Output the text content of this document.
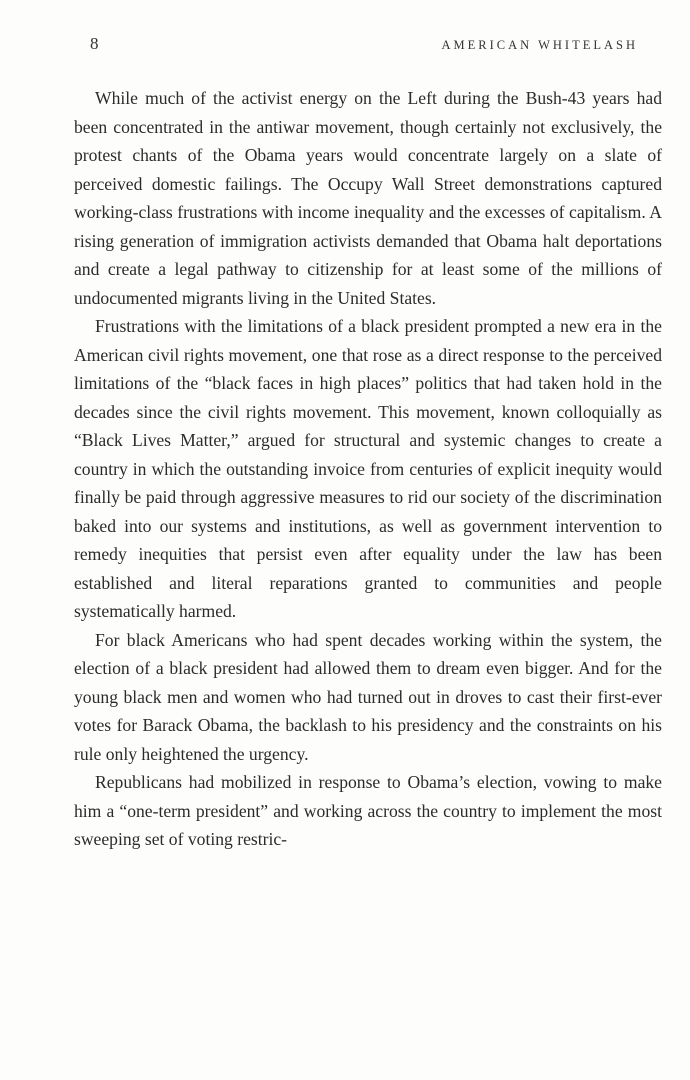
8	AMERICAN WHITELASH

While much of the activist energy on the Left during the Bush-43 years had been concentrated in the antiwar movement, though certainly not exclusively, the protest chants of the Obama years would concentrate largely on a slate of perceived domestic failings. The Occupy Wall Street demonstrations captured working-class frustrations with income inequality and the excesses of capitalism. A rising generation of immigration activists demanded that Obama halt deportations and create a legal pathway to citizenship for at least some of the millions of undocumented migrants living in the United States.

Frustrations with the limitations of a black president prompted a new era in the American civil rights movement, one that rose as a direct response to the perceived limitations of the “black faces in high places” politics that had taken hold in the decades since the civil rights movement. This movement, known colloquially as “Black Lives Matter,” argued for structural and systemic changes to create a country in which the outstanding invoice from centuries of explicit inequity would finally be paid through aggressive measures to rid our society of the discrimination baked into our systems and institutions, as well as government intervention to remedy inequities that persist even after equality under the law has been established and literal reparations granted to communities and people systematically harmed.

For black Americans who had spent decades working within the system, the election of a black president had allowed them to dream even bigger. And for the young black men and women who had turned out in droves to cast their first-ever votes for Barack Obama, the backlash to his presidency and the constraints on his rule only heightened the urgency.

Republicans had mobilized in response to Obama’s election, vowing to make him a “one-term president” and working across the country to implement the most sweeping set of voting restric-
